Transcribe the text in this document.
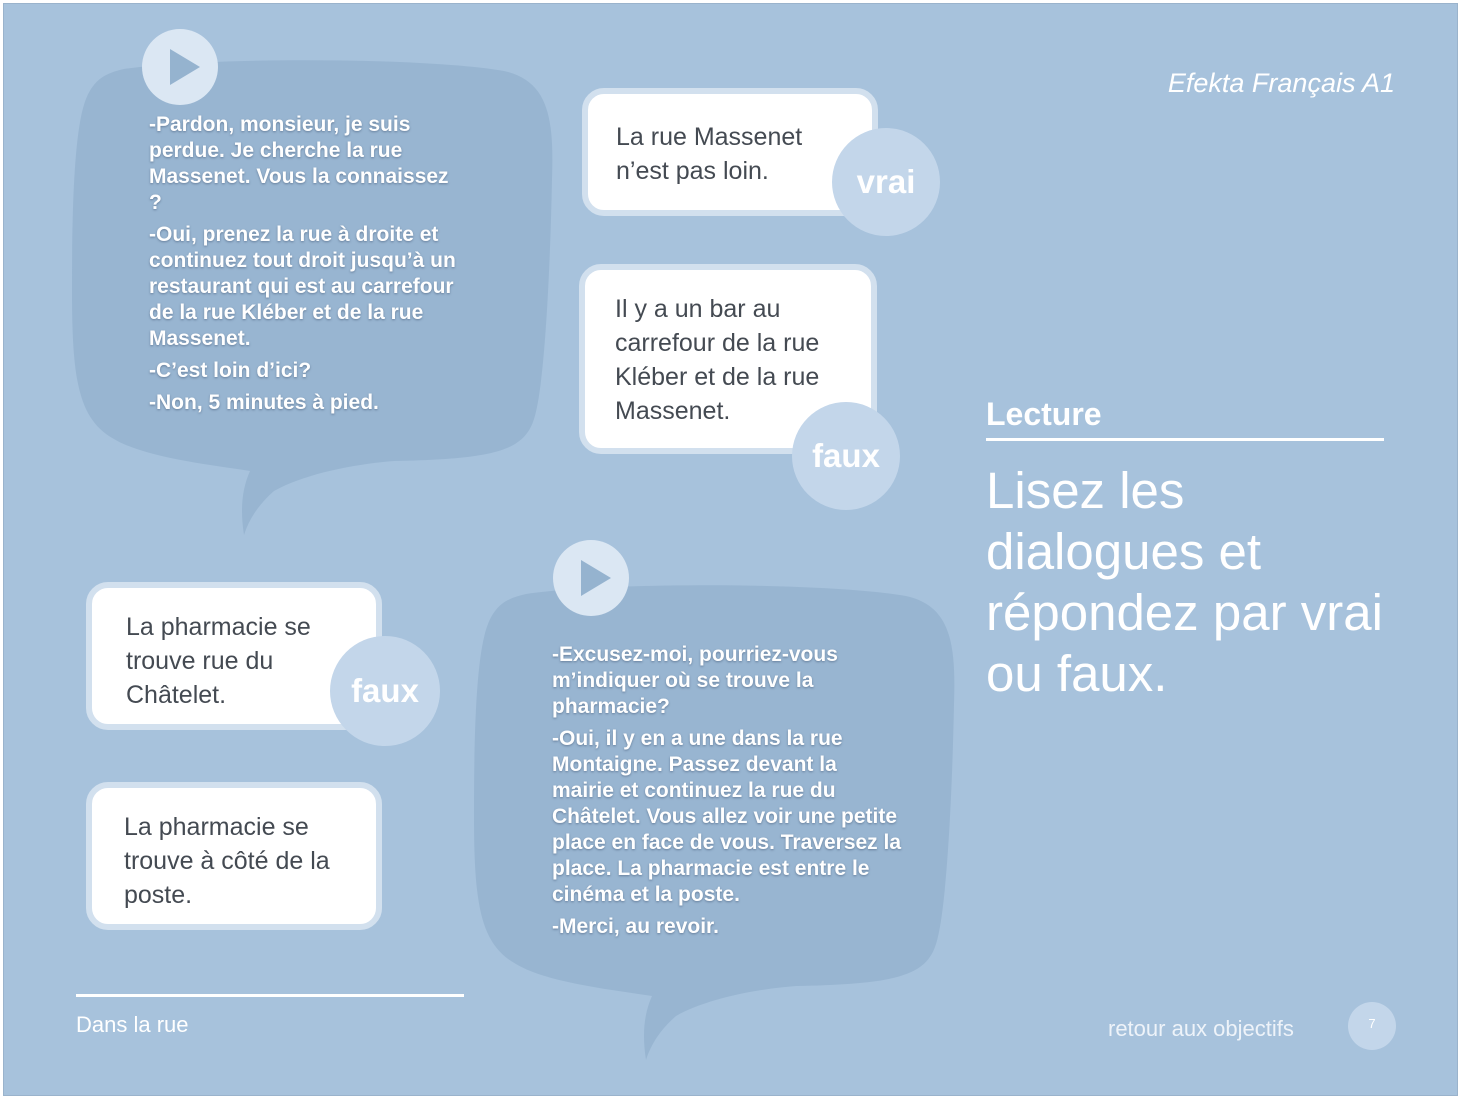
-Pardon, monsieur, je suis perdue. Je cherche la rue Massenet. Vous la connaissez ?

-Oui, prenez la rue à droite et continuez tout droit jusqu’à un restaurant qui est au carrefour de la rue Kléber et de la rue Massenet.

-C’est loin d’ici?

-Non, 5 minutes à pied.

-Excusez-moi, pourriez-vous m’indiquer où se trouve la pharmacie?

-Oui, il y en a une dans la rue Montaigne. Passez devant la mairie et continuez la rue du Châtelet. Vous allez voir une petite place en face de vous. Traversez la place. La pharmacie est entre le cinéma et la poste.

-Merci, au revoir.

La rue Massenet n’est pas loin.	vrai
Il y a un bar au carrefour de la rue Kléber et de la rue Massenet.
faux
La pharmacie se trouve rue du Châtelet.	faux
La pharmacie se trouve à côté de la poste.
Efekta Français A1
Lecture
Lisez les dialogues et répondez par vrai ou faux.
Dans la rue	retour aux objectifs	7
